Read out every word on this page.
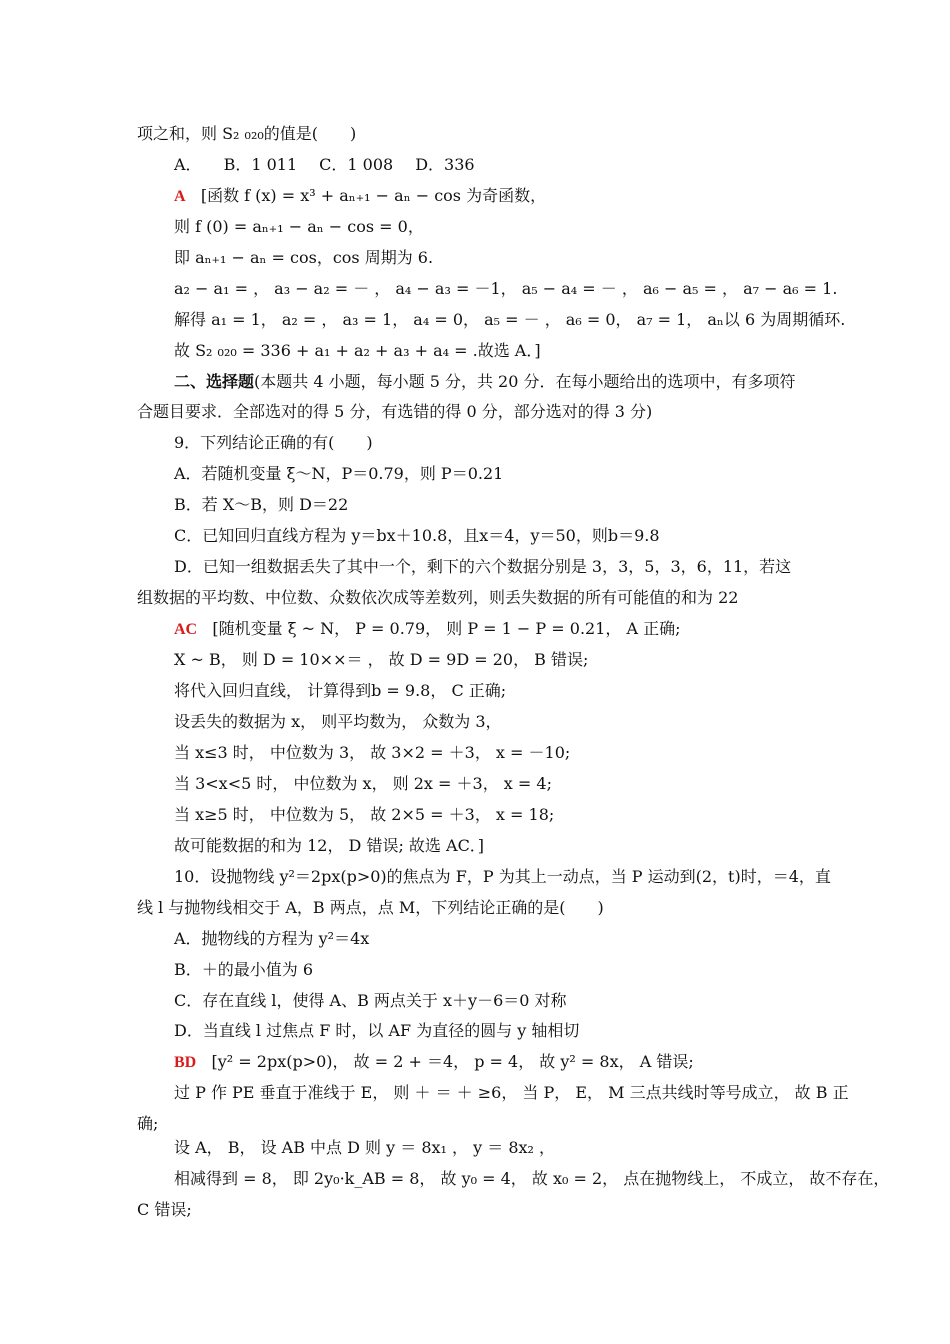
项之和，则 S₂ ₀₂₀的值是(　　)
A． B．1 011 C．1 008 D．336
A [函数 f (x) = x³ + aₙ₊₁ − aₙ − cos 为奇函数，
则 f (0) = aₙ₊₁ − aₙ − cos = 0，
即 aₙ₊₁ − aₙ = cos，cos 周期为 6.
a₂ − a₁ = ， a₃ − a₂ = － ， a₄ − a₃ = －1， a₅ − a₄ = － ， a₆ − a₅ = ， a₇ − a₆ = 1.
解得 a₁ = 1， a₂ = ， a₃ = 1， a₄ = 0， a₅ = － ， a₆ = 0， a₇ = 1， aₙ以 6 为周期循环.
故 S₂ ₀₂₀ = 336 + a₁ + a₂ + a₃ + a₄ = .故选 A．]
二、选择题(本题共 4 小题，每小题 5 分，共 20 分．在每小题给出的选项中，有多项符
合题目要求．全部选对的得 5 分，有选错的得 0 分，部分选对的得 3 分)
9．下列结论正确的有(　　)
A．若随机变量 ξ～N，P＝0.79，则 P＝0.21
B．若 X～B，则 D＝22
C．已知回归直线方程为 y＝bx＋10.8，且x＝4，y＝50，则b＝9.8
D．已知一组数据丢失了其中一个，剩下的六个数据分别是 3，3，5，3，6，11，若这
组数据的平均数、中位数、众数依次成等差数列，则丢失数据的所有可能值的和为 22
AC [随机变量 ξ ~ N， P = 0.79， 则 P = 1 − P = 0.21， A 正确;
X ~ B， 则 D = 10××＝ ， 故 D = 9D = 20， B 错误;
将代入回归直线， 计算得到b = 9.8， C 正确;
设丢失的数据为 x， 则平均数为， 众数为 3，
当 x≤3 时， 中位数为 3， 故 3×2 = ＋3， x = －10;
当 3<x<5 时， 中位数为 x， 则 2x = ＋3， x = 4;
当 x≥5 时， 中位数为 5， 故 2×5 = ＋3， x = 18;
故可能数据的和为 12， D 错误; 故选 AC．]
10．设抛物线 y²＝2px(p>0)的焦点为 F，P 为其上一动点，当 P 运动到(2，t)时，＝4，直
线 l 与抛物线相交于 A，B 两点，点 M，下列结论正确的是(　　)
A．抛物线的方程为 y²＝4x
B．＋的最小值为 6
C．存在直线 l，使得 A、B 两点关于 x＋y－6＝0 对称
D．当直线 l 过焦点 F 时，以 AF 为直径的圆与 y 轴相切
BD [y² = 2px(p>0)， 故 = 2 + ＝4， p = 4， 故 y² = 8x， A 错误;
过 P 作 PE 垂直于准线于 E， 则 ＋ ＝ ＋ ≥6， 当 P， E， M 三点共线时等号成立， 故 B 正
确;
设 A， B， 设 AB 中点 D 则 y ＝ 8x₁ ， y ＝ 8x₂ ，
相减得到 = 8， 即 2y₀·k_AB = 8， 故 y₀ = 4， 故 x₀ = 2， 点在抛物线上， 不成立， 故不存在，
C 错误;
